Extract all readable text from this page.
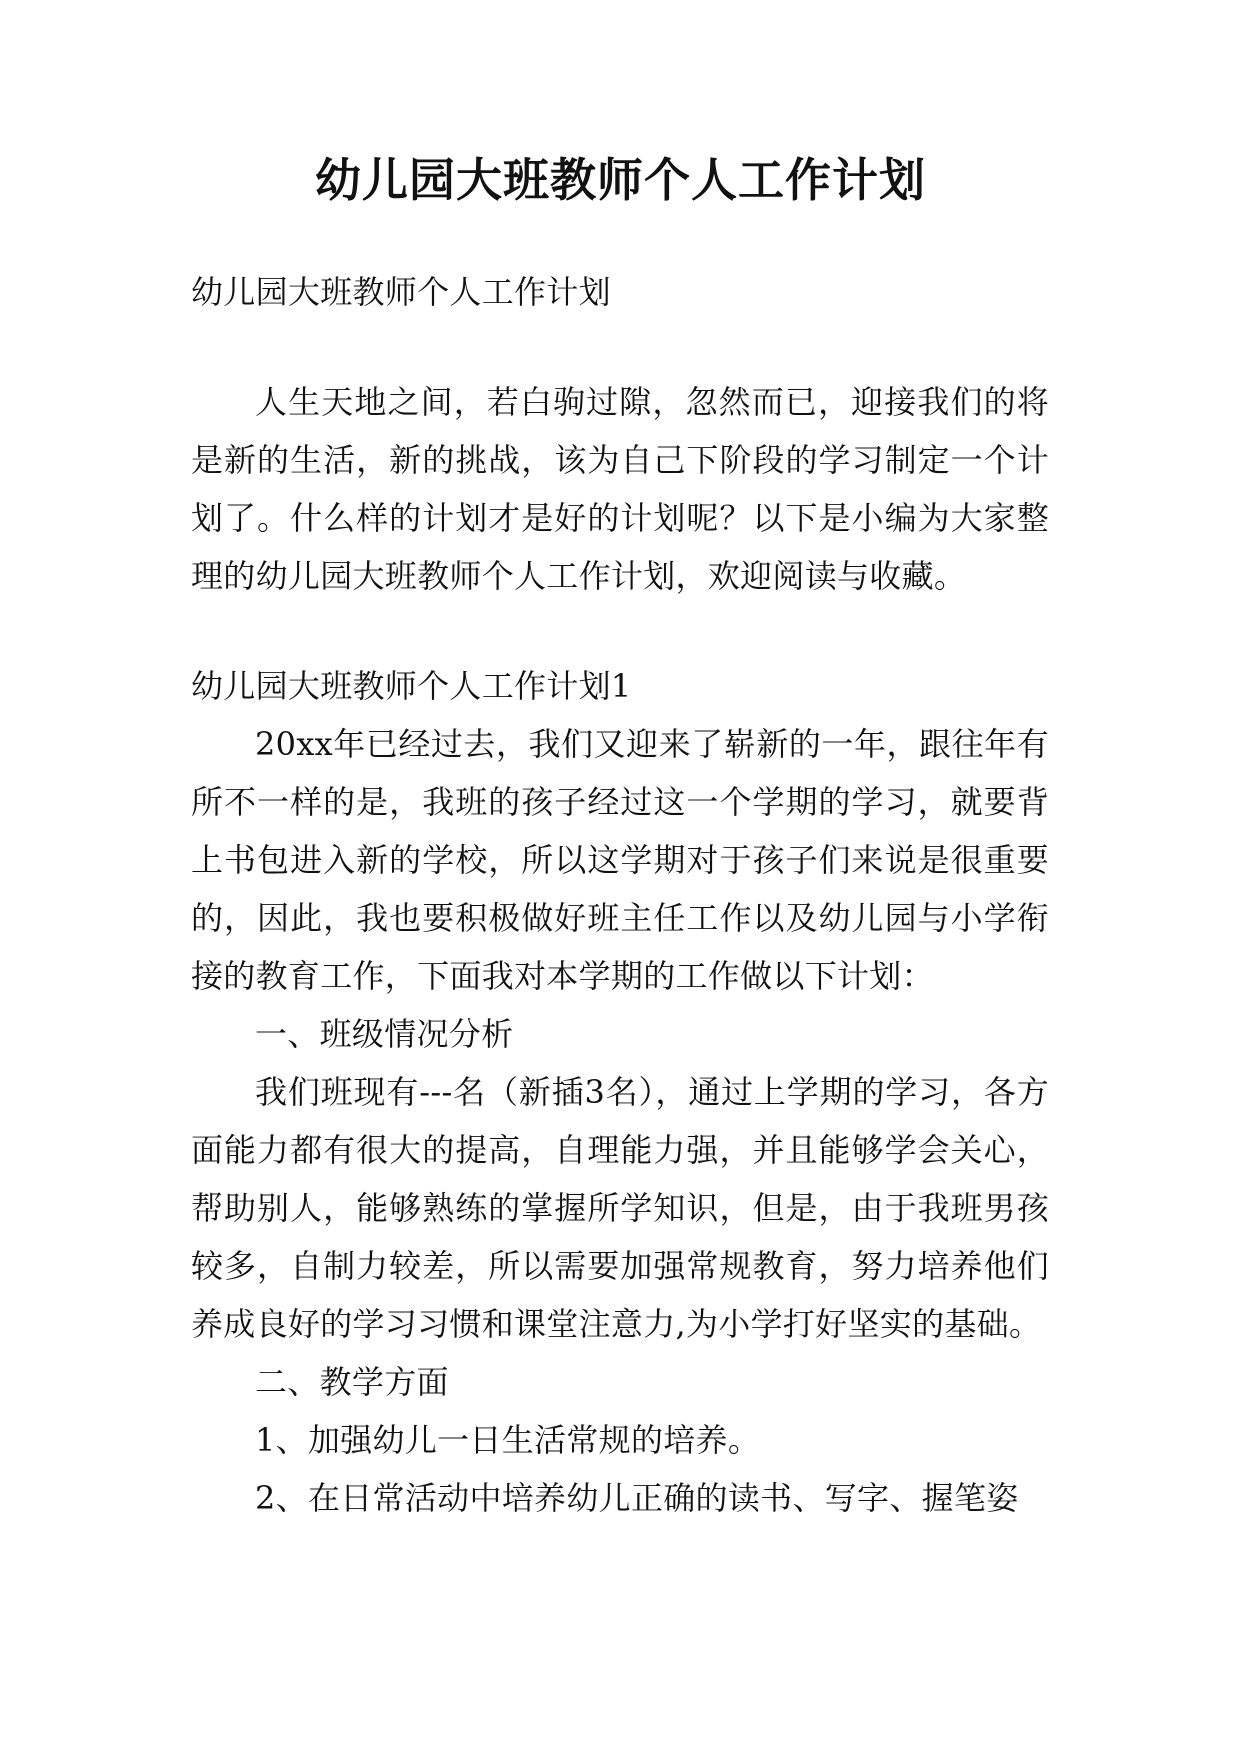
幼儿园大班教师个人工作计划

幼儿园大班教师个人工作计划

人生天地之间，若白驹过隙，忽然而已，迎接我们的将是新的生活，新的挑战，该为自己下阶段的学习制定一个计划了。什么样的计划才是好的计划呢？以下是小编为大家整理的幼儿园大班教师个人工作计划，欢迎阅读与收藏。

幼儿园大班教师个人工作计划1

20xx年已经过去，我们又迎来了崭新的一年，跟往年有所不一样的是，我班的孩子经过这一个学期的学习，就要背上书包进入新的学校，所以这学期对于孩子们来说是很重要的，因此，我也要积极做好班主任工作以及幼儿园与小学衔接的教育工作，下面我对本学期的工作做以下计划：

一、班级情况分析

我们班现有---名（新插3名），通过上学期的学习，各方面能力都有很大的提高，自理能力强，并且能够学会关心，帮助别人，能够熟练的掌握所学知识，但是，由于我班男孩较多，自制力较差，所以需要加强常规教育，努力培养他们养成良好的学习习惯和课堂注意力,为小学打好坚实的基础。

二、教学方面

1、加强幼儿一日生活常规的培养。

2、在日常活动中培养幼儿正确的读书、写字、握笔姿
